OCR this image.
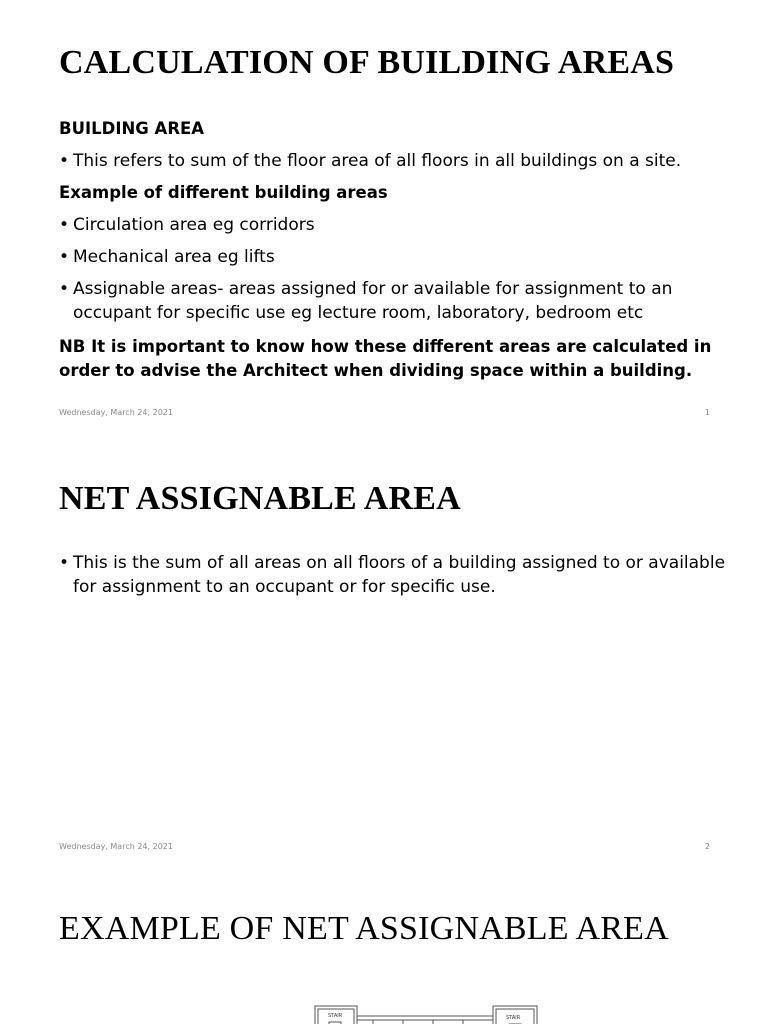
CALCULATION OF BUILDING AREAS
BUILDING AREA
• This refers to sum of the floor area of all floors in all buildings on a site.
Example of different building areas
• Circulation area eg corridors
• Mechanical area eg lifts
• Assignable areas- areas assigned for or available for assignment to an occupant for specific use eg lecture room, laboratory, bedroom etc
NB It is important to know how these different areas are calculated in order to advise the Architect when dividing space within a building.
Wednesday, March 24, 2021	1
NET ASSIGNABLE AREA
• This is the sum of all areas on all floors of a building assigned to or available for assignment to an occupant or for specific use.
Wednesday, March 24, 2021	2
EXAMPLE OF NET ASSIGNABLE AREA
STAIR	STAIR
